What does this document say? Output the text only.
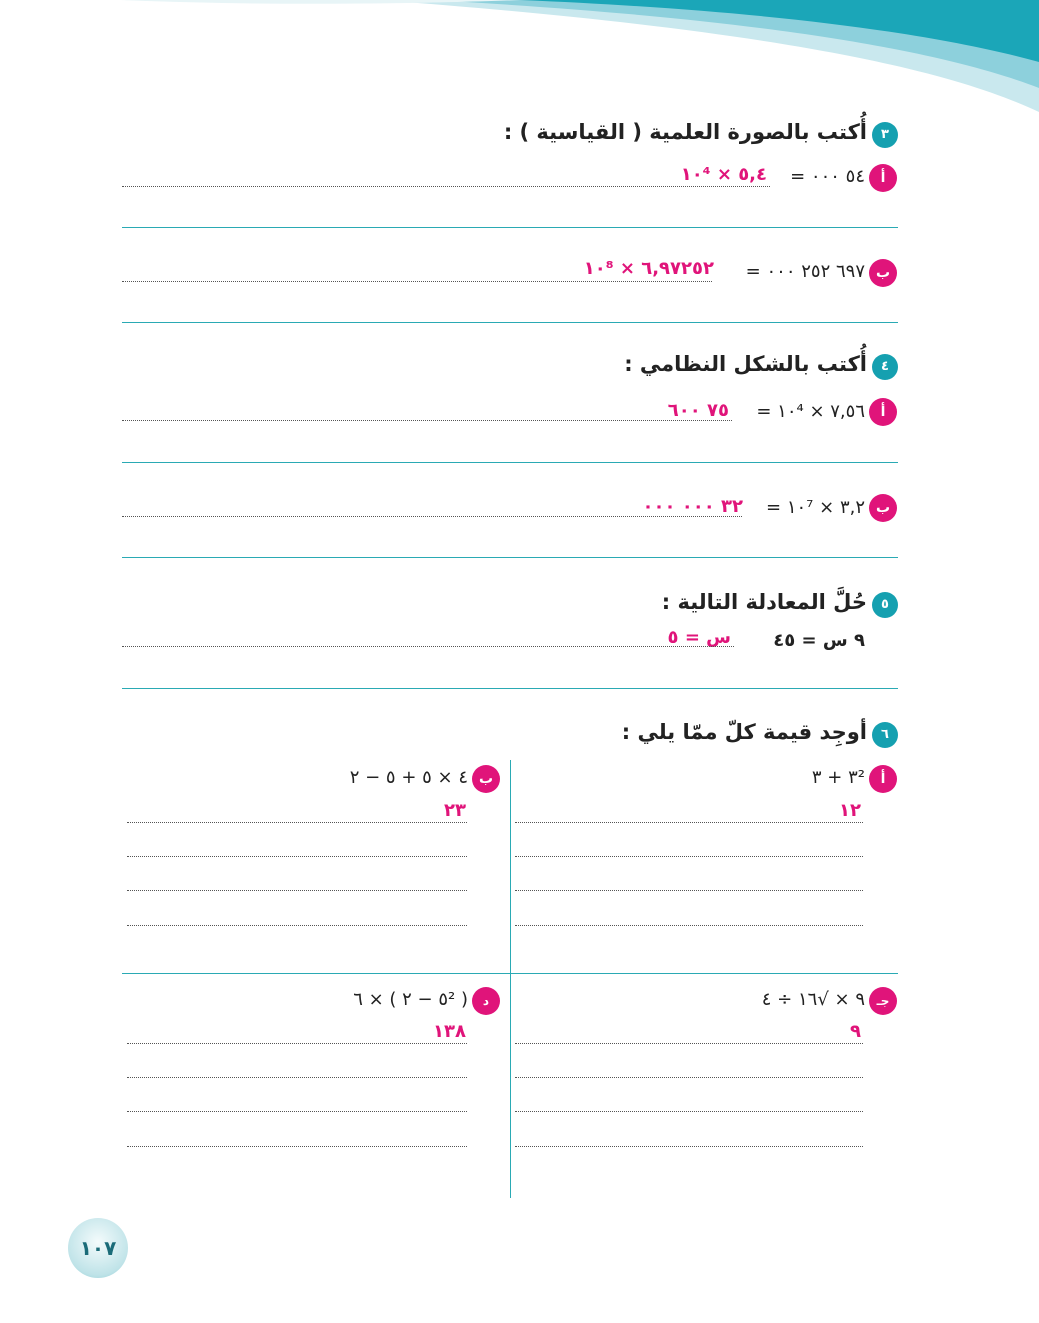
٣
أُكتب بالصورة العلمية ( القياسية ) :
أ
٥٤ ٠٠٠ =
٥,٤ × ١٠⁴
ب
٦٩٧ ٢٥٢ ٠٠٠ =
٦,٩٧٢٥٢ × ١٠⁸
٤
أُكتب بالشكل النظامي :
أ
٧,٥٦ × ١٠⁴ =
٧٥ ٦٠٠
ب
٣,٢ × ١٠⁷ =
٣٢ ٠٠٠ ٠٠٠
٥
حُلَّ المعادلة التالية :
٩ س = ٤٥
س = ٥
٦
أوجِد قيمة كلّ ممّا يلي :
أ
٣² + ٣
١٢
ب
٤ × ٥ + ٥ − ٢
٢٣
جـ
٩ × √١٦ ÷ ٤
٩
د
( ٥² − ٢ ) × ٦
١٣٨
١٠٧
